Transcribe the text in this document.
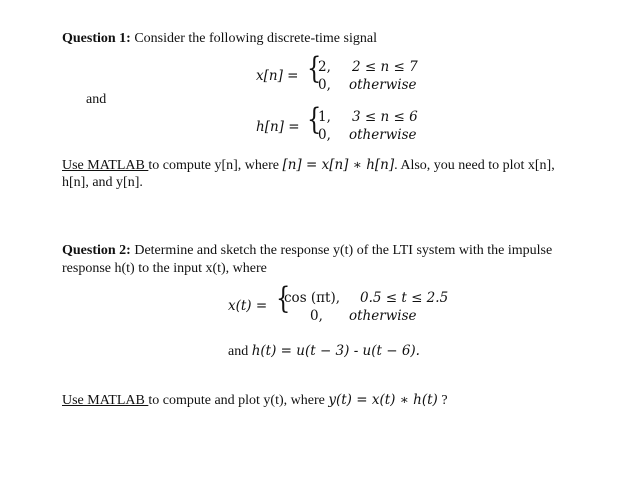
Question 1: Consider the following discrete-time signal
x[n] = {
2,
0,
2 ≤ n ≤ 7
otherwise
and
h[n] = {
1,
0,
3 ≤ n ≤ 6
otherwise
Use MATLAB to compute y[n], where [n] = x[n] ∗ h[n]. Also, you need to plot x[n],
h[n], and y[n].
Question 2: Determine and sketch the response y(t) of the LTI system with the impulse
response h(t) to the input x(t), where
x(t) = {
cos (πt),
0,
0.5 ≤ t ≤ 2.5
otherwise
and h(t) = u(t − 3) - u(t − 6).
Use MATLAB to compute and plot y(t), where y(t) = x(t) ∗ h(t) ?
